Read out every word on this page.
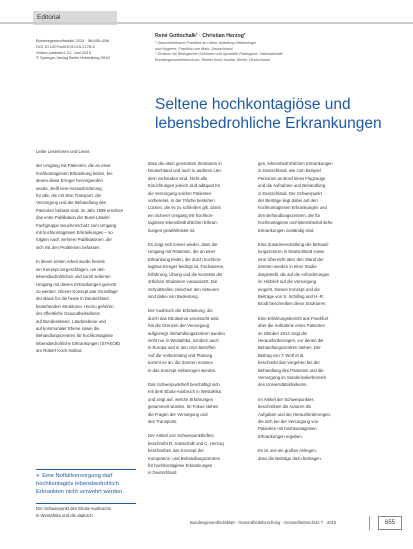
Editorial
Bundesgesundheitsbl 2015 · 58:655–656
DOI 10.1007/s00103-015-2178-6
Online publiziert: 21. Juni 2015
© Springer-Verlag Berlin Heidelberg 2015
René Gottschalk¹ · Christian Herzog²
¹ Gesundheitsamt Frankfurt am Main, Abteilung Infektiologie
und Hygiene, Frankfurt am Main, Deutschland
² Zentrum für Biologische Gefahren und Spezielle Pathogene, Internationale
Bundesgesundheitsschutz, Robert Koch-Institut, Berlin, Deutschland
Seltene hochkontagiöse und
lebensbedrohliche Erkrankungen
Liebe Leserinnen und Leser,
der Umgang mit Patienten, die an einer
hochkontagiösen Erkrankung leiden, bei
denen diese Erreger hervorgerufen
wurde, stellt eine Herausforderung
für alle, die mit dem Transport, der
Versorgung und der Behandlung des
Patienten befasst sind. Im Jahr 1999 erschien
das erste Publikation der Bund-Länder-
Fachgruppe Seuchenschutz zum Umgang
mit hochkontagiösen Erkrankungen – so
folgten nach mehrere Publikationen, die
sich mit den Problemen befassen.
In dieser ersten Arbeit wurde bereits
ein Konzept vorgeschlagen, um den
lebensbedrohlichen und somit seltenen
Umgang mit diesen Erkrankungen gerecht
zu werden. Dieses Konzept war Grundlage
der Basis für die heute in Deutschland
bestehenden Strukturen. Hierzu gehören
der öffentliche Gesundheitsdienst
auf Bundesebene, Länderebene und
auf kommunaler Ebene sowie die
Behandlungszentren für hochkontagiöse
lebensbedrohliche Erkrankungen (STAKOB)
am Robert Koch-Institut.
» Eine Notfallversorgung darf hochkontagiös lebensbedrohlich Erkrankten nicht verwehrt werden.
Der Schwerpunkt des Ebola-Ausbruchs
in Westafrika und die dadurch
dass die oben genannten Strukturen in
Deutschland und auch in anderen Län-
dern vorhanden sind. Nicht alle
Einrichtungen jedoch sind adäquat für
die Versorgung solcher Patienten
vorbereitet. In der Fläche bestehen
Lücken, die es zu schließen gilt, damit
ein sicherer Umgang mit hochkon-
tagiösen lebensbedrohlichen Erkran-
kungen gewährleistet ist.
Es zeigt sich immer wieder, dass der
Umgang mit Patienten, die an einer
Erkrankung leiden, die durch hochkon-
tagiöse Erreger bedingt ist, Fachwissen,
Erfahrung, Übung und die Kenntnis der
örtlichen Strukturen voraussetzt. Die
Schnittstellen zwischen den Akteuren
sind dabei von Bedeutung.
Der Ausbruch der Erkrankung, die
durch das Ebolavirus verursacht wird,
hat die Grenzen der Versorgung
aufgezeigt. Behandlungszentren wurden
nicht nur in Westafrika, sondern auch
in Europa und in den USA betroffen.
Auf die Vorbereitung und Planung
kommt es an, die Zentren müssen
in das Konzept einbezogen werden.
Das Schwerpunktheft beschäftigt sich
mit dem Ebola-Ausbruch in Westafrika
und zeigt auf, welche Erfahrungen
gesammelt wurden. Im Fokus stehen
die Fragen der Versorgung und
des Transports.
Der Artikel von Schwerpunktheftes
beschreibt R. Gottschalk und C. Herzog
beschreiben das Konzept der
Kompetenz- und Behandlungszentren
für hochkontagiöse Erkrankungen
in Deutschland.
gen, lebensbedrohlichen Erkrankungen
in Deutschland, wie zum Beispiel
Personen an Bord eines Flugzeugs
und die Aufnahme und Behandlung
in Deutschland. Der Schwerpunkt
der Beiträge liegt dabei auf den
hochkontagiösen Erkrankungen und
den Behandlungszentren, die für
hochkontagiöse und lebensbedrohliche
Erkrankungen zuständig sind.
Eine Zusammenstellung der Behand-
lungszentren in Deutschland sowie
eine Übersicht über den Stand der
Zentren werden in einer Studie
dargestellt, die auf die Anforderungen
im Hinblick auf die Versorgung
eingeht. Dieses Konzept und die
Beiträge von S. Schilling und H.-R.
Brodt beschreiben diese Strukturen.
Eine Erfahrungsbericht aus Frankfurt
über die Aufnahme eines Patienten
im Oktober 2014 zeigt die
Herausforderungen, vor denen die
Behandlungszentren stehen. Der
Beitrag von T. Wolf et al.
beschreibt das Vorgehen bei der
Behandlung des Patienten und die
Versorgung im Sonderisolierbereich
des Universitätsklinikums.
Im Artikel der Schwerpunktes
beschreiben die Autoren die
Aufgaben und die Herausforderungen,
die sich bei der Versorgung von
Patienten mit hochkontagiösen
Erkrankungen ergeben.
Es ist uns ein großes Anliegen,
dass die Beiträge dazu beitragen.
Bundesgesundheitsblatt - Gesundheitsforschung - Gesundheitsschutz 7 · 2015	655
